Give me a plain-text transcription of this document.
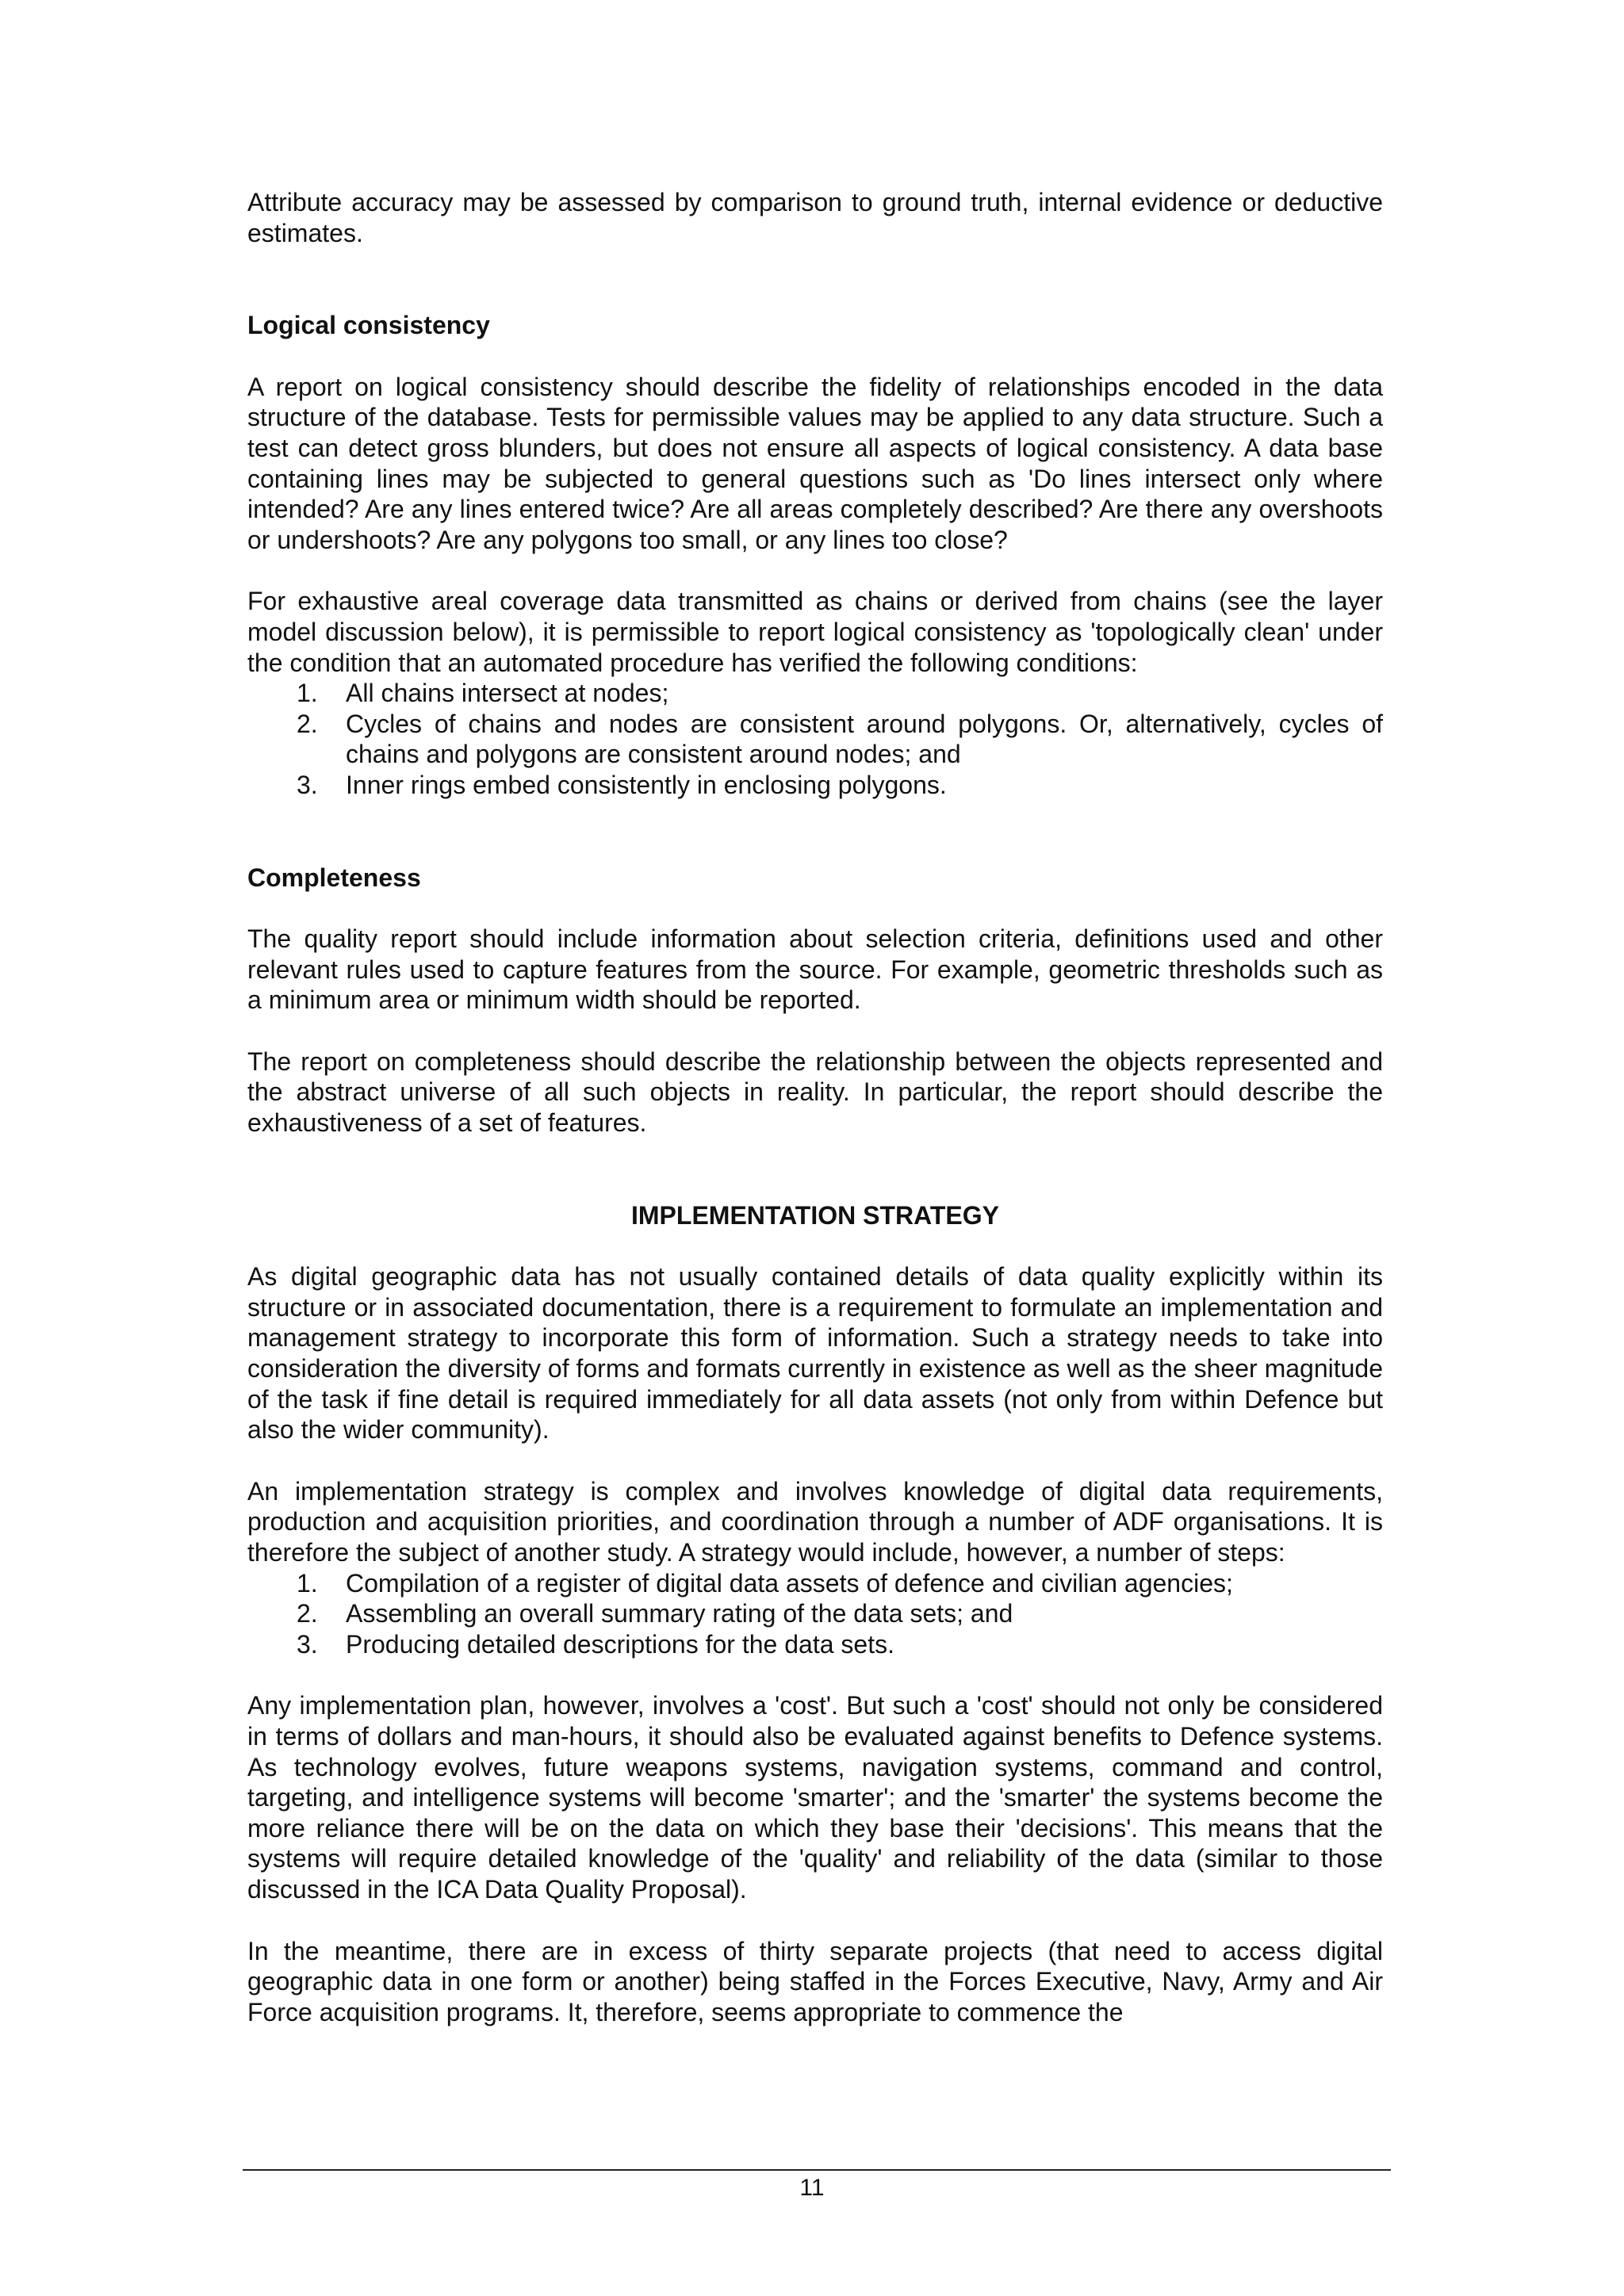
Attribute accuracy may be assessed by comparison to ground truth, internal evidence or deductive estimates.

Logical consistency

A report on logical consistency should describe the fidelity of relationships encoded in the data structure of the database. Tests for permissible values may be applied to any data structure. Such a test can detect gross blunders, but does not ensure all aspects of logical consistency. A data base containing lines may be subjected to general questions such as 'Do lines intersect only where intended? Are any lines entered twice? Are all areas completely described? Are there any overshoots or undershoots? Are any polygons too small, or any lines too close?

For exhaustive areal coverage data transmitted as chains or derived from chains (see the layer model discussion below), it is permissible to report logical consistency as 'topologically clean' under the condition that an automated procedure has verified the following conditions:

1. All chains intersect at nodes;
2. Cycles of chains and nodes are consistent around polygons. Or, alternatively, cycles of chains and polygons are consistent around nodes; and
3. Inner rings embed consistently in enclosing polygons.

Completeness

The quality report should include information about selection criteria, definitions used and other relevant rules used to capture features from the source. For example, geometric thresholds such as a minimum area or minimum width should be reported.

The report on completeness should describe the relationship between the objects represented and the abstract universe of all such objects in reality. In particular, the report should describe the exhaustiveness of a set of features.

IMPLEMENTATION STRATEGY

As digital geographic data has not usually contained details of data quality explicitly within its structure or in associated documentation, there is a requirement to formulate an implementation and management strategy to incorporate this form of information. Such a strategy needs to take into consideration the diversity of forms and formats currently in existence as well as the sheer magnitude of the task if fine detail is required immediately for all data assets (not only from within Defence but also the wider community).

An implementation strategy is complex and involves knowledge of digital data requirements, production and acquisition priorities, and coordination through a number of ADF organisations. It is therefore the subject of another study. A strategy would include, however, a number of steps:

1. Compilation of a register of digital data assets of defence and civilian agencies;
2. Assembling an overall summary rating of the data sets; and
3. Producing detailed descriptions for the data sets.

Any implementation plan, however, involves a 'cost'. But such a 'cost' should not only be considered in terms of dollars and man-hours, it should also be evaluated against benefits to Defence systems. As technology evolves, future weapons systems, navigation systems, command and control, targeting, and intelligence systems will become 'smarter'; and the 'smarter' the systems become the more reliance there will be on the data on which they base their 'decisions'. This means that the systems will require detailed knowledge of the 'quality' and reliability of the data (similar to those discussed in the ICA Data Quality Proposal).

In the meantime, there are in excess of thirty separate projects (that need to access digital geographic data in one form or another) being staffed in the Forces Executive, Navy, Army and Air Force acquisition programs. It, therefore, seems appropriate to commence the

11
